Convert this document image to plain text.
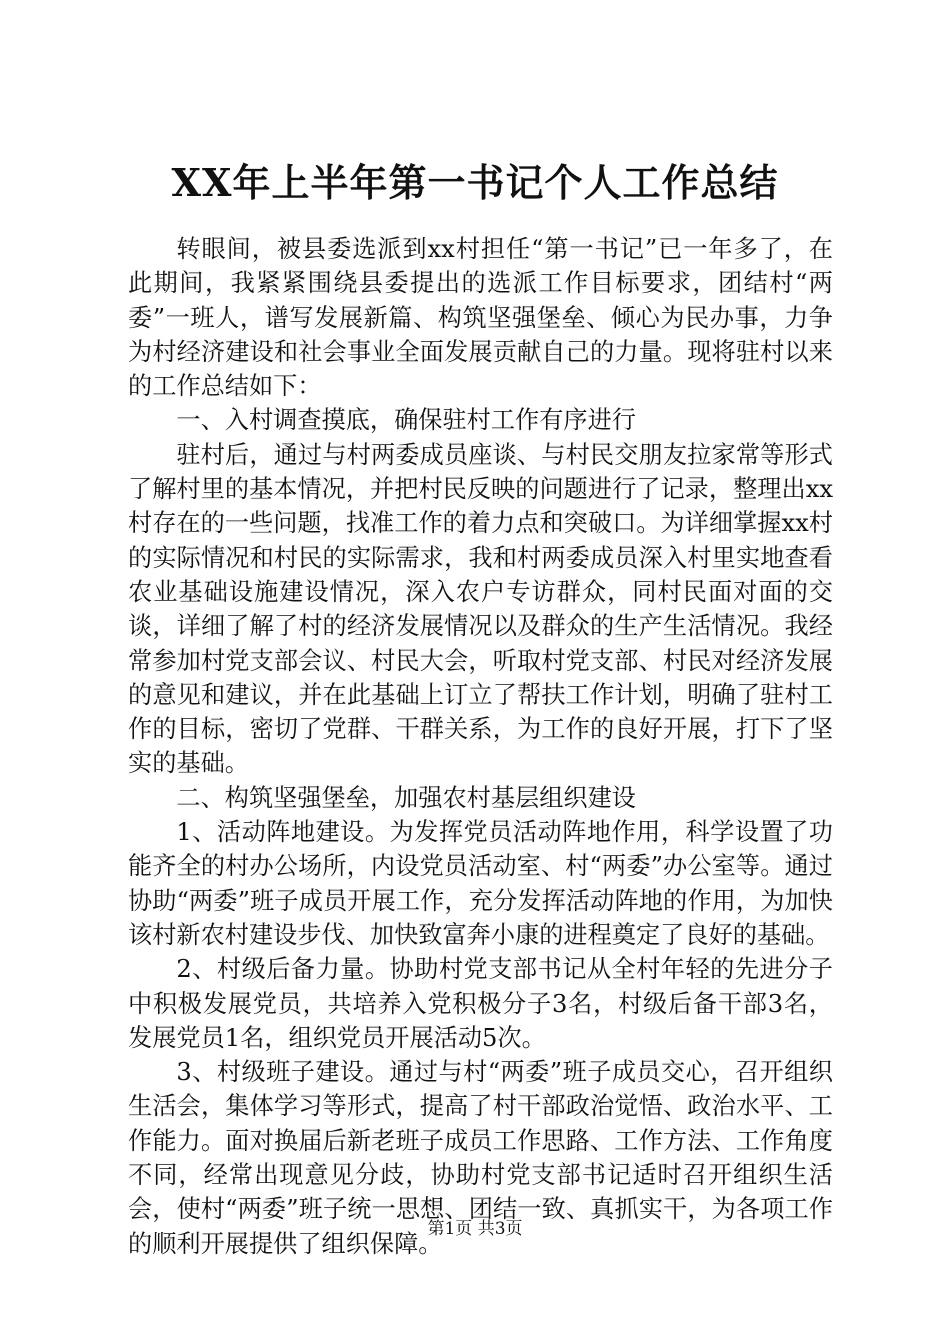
XX年上半年第一书记个人工作总结

转眼间，被县委选派到xx村担任“第一书记”已一年多了，在此期间，我紧紧围绕县委提出的选派工作目标要求，团结村“两委”一班人，谱写发展新篇、构筑坚强堡垒、倾心为民办事，力争为村经济建设和社会事业全面发展贡献自己的力量。现将驻村以来的工作总结如下：

一、入村调查摸底，确保驻村工作有序进行

驻村后，通过与村两委成员座谈、与村民交朋友拉家常等形式了解村里的基本情况，并把村民反映的问题进行了记录，整理出xx村存在的一些问题，找准工作的着力点和突破口。为详细掌握xx村的实际情况和村民的实际需求，我和村两委成员深入村里实地查看农业基础设施建设情况，深入农户专访群众，同村民面对面的交谈，详细了解了村的经济发展情况以及群众的生产生活情况。我经常参加村党支部会议、村民大会，听取村党支部、村民对经济发展的意见和建议，并在此基础上订立了帮扶工作计划，明确了驻村工作的目标，密切了党群、干群关系，为工作的良好开展，打下了坚实的基础。

二、构筑坚强堡垒，加强农村基层组织建设

1、活动阵地建设。为发挥党员活动阵地作用，科学设置了功能齐全的村办公场所，内设党员活动室、村“两委”办公室等。通过协助“两委”班子成员开展工作，充分发挥活动阵地的作用，为加快该村新农村建设步伐、加快致富奔小康的进程奠定了良好的基础。

2、村级后备力量。协助村党支部书记从全村年轻的先进分子中积极发展党员，共培养入党积极分子3名，村级后备干部3名，发展党员1名，组织党员开展活动5次。

3、村级班子建设。通过与村“两委”班子成员交心，召开组织生活会，集体学习等形式，提高了村干部政治觉悟、政治水平、工作能力。面对换届后新老班子成员工作思路、工作方法、工作角度不同，经常出现意见分歧，协助村党支部书记适时召开组织生活会，使村“两委”班子统一思想、团结一致、真抓实干，为各项工作的顺利开展提供了组织保障。

第1页 共3页
